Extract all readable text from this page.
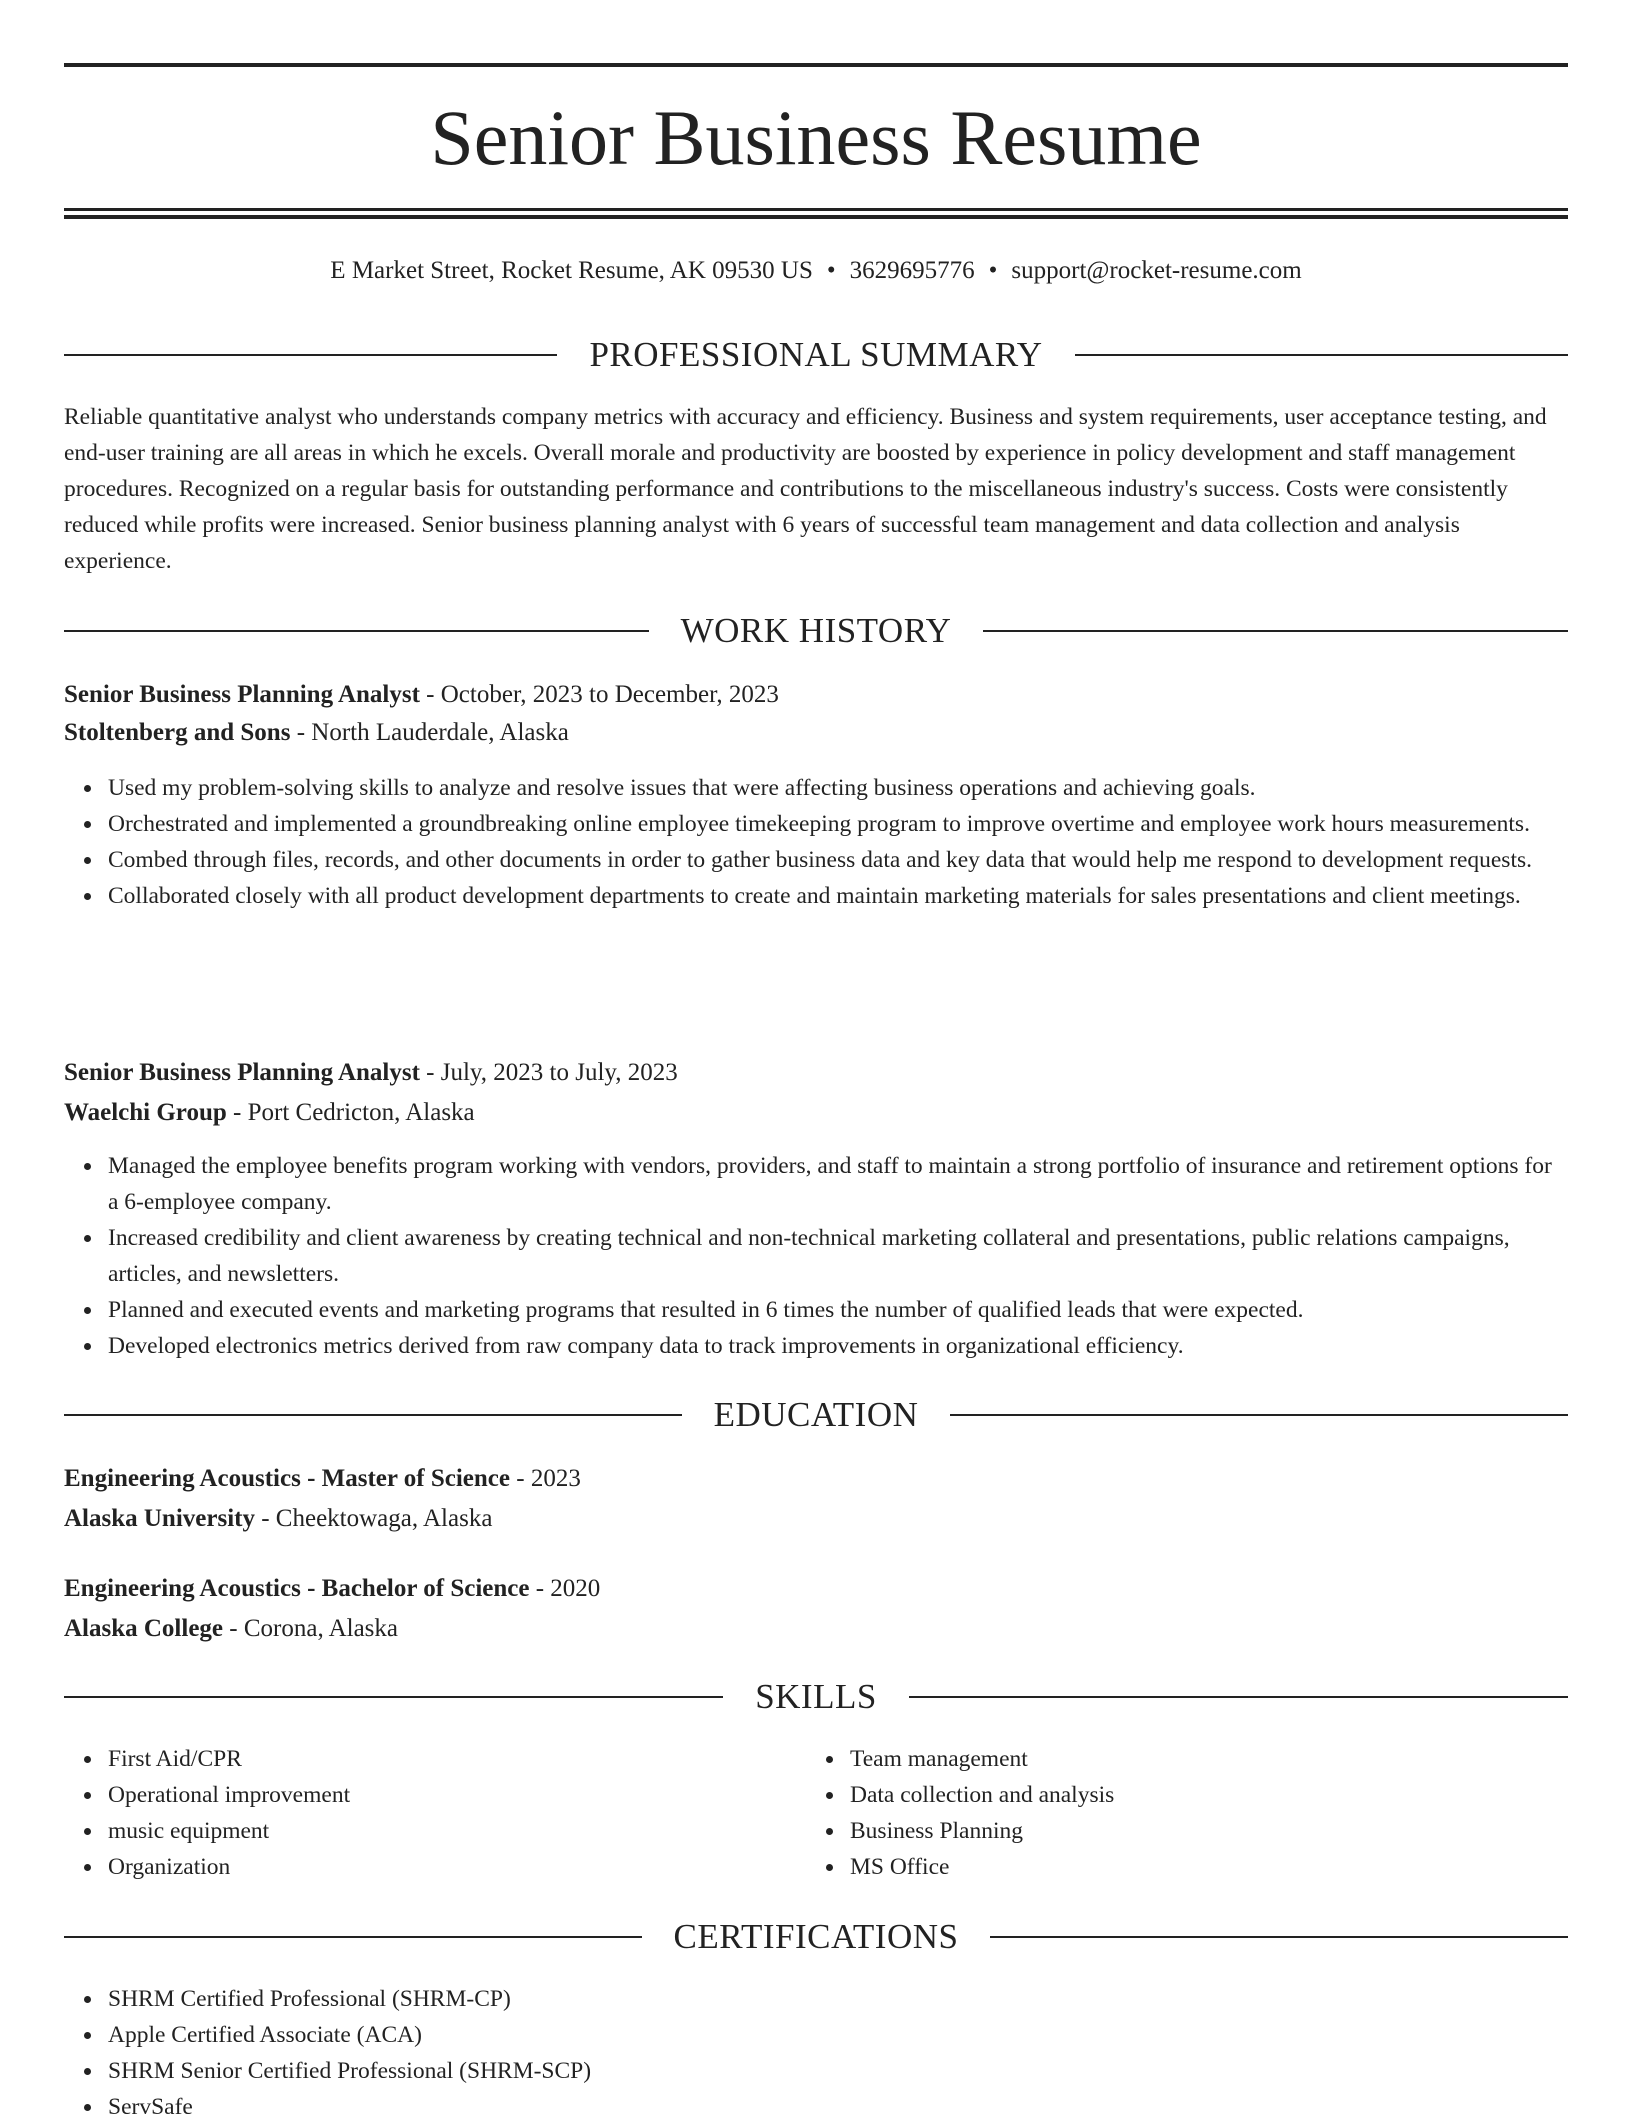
Senior Business Resume
E Market Street, Rocket Resume, AK 09530 US • 3629695776 • support@rocket-resume.com
PROFESSIONAL SUMMARY
Reliable quantitative analyst who understands company metrics with accuracy and efficiency. Business and system requirements, user acceptance testing, and end-user training are all areas in which he excels. Overall morale and productivity are boosted by experience in policy development and staff management procedures. Recognized on a regular basis for outstanding performance and contributions to the miscellaneous industry's success. Costs were consistently reduced while profits were increased. Senior business planning analyst with 6 years of successful team management and data collection and analysis experience.
WORK HISTORY
Senior Business Planning Analyst - October, 2023 to December, 2023
Stoltenberg and Sons - North Lauderdale, Alaska
Used my problem-solving skills to analyze and resolve issues that were affecting business operations and achieving goals.
Orchestrated and implemented a groundbreaking online employee timekeeping program to improve overtime and employee work hours measurements.
Combed through files, records, and other documents in order to gather business data and key data that would help me respond to development requests.
Collaborated closely with all product development departments to create and maintain marketing materials for sales presentations and client meetings.
Senior Business Planning Analyst - July, 2023 to July, 2023
Waelchi Group - Port Cedricton, Alaska
Managed the employee benefits program working with vendors, providers, and staff to maintain a strong portfolio of insurance and retirement options for a 6-employee company.
Increased credibility and client awareness by creating technical and non-technical marketing collateral and presentations, public relations campaigns, articles, and newsletters.
Planned and executed events and marketing programs that resulted in 6 times the number of qualified leads that were expected.
Developed electronics metrics derived from raw company data to track improvements in organizational efficiency.
EDUCATION
Engineering Acoustics - Master of Science - 2023
Alaska University - Cheektowaga, Alaska
Engineering Acoustics - Bachelor of Science - 2020
Alaska College - Corona, Alaska
SKILLS
First Aid/CPR
Operational improvement
music equipment
Organization
Team management
Data collection and analysis
Business Planning
MS Office
CERTIFICATIONS
SHRM Certified Professional (SHRM-CP)
Apple Certified Associate (ACA)
SHRM Senior Certified Professional (SHRM-SCP)
ServSafe
